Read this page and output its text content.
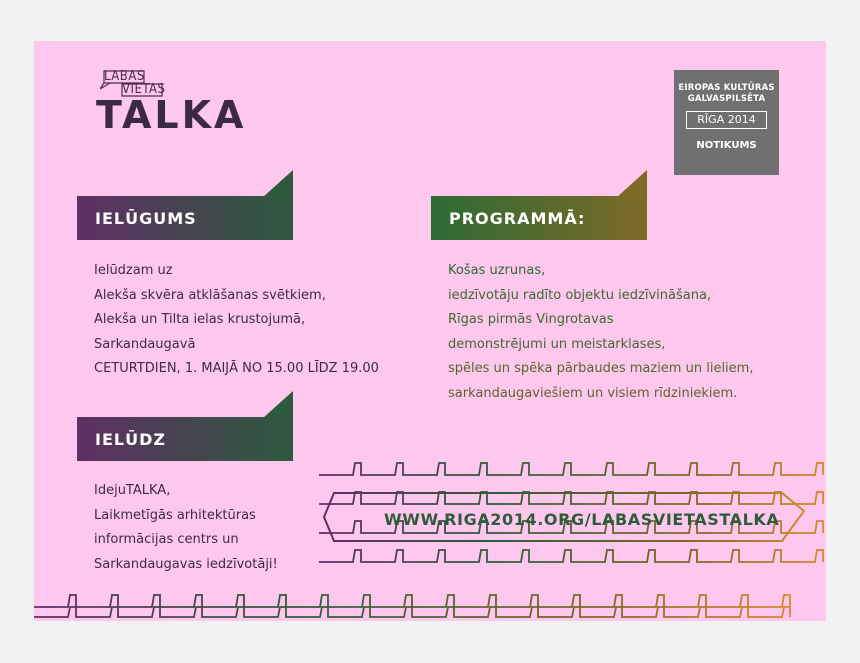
LABAS
VIETAS
TALKA
EIROPAS KULTŪRAS
GALVASPILSĒTA
RĪGA 2014
NOTIKUMS
IELŪGUMS
Ielūdzam uz
Alekša skvēra atklāšanas svētkiem,
Alekša un Tilta ielas krustojumā,
Sarkandaugavā
CETURTDIEN, 1. MAIJĀ NO 15.00 LĪDZ 19.00
PROGRAMMĀ:
Košas uzrunas,
iedzīvotāju radīto objektu iedzīvināšana,
Rīgas pirmās Vingrotavas
demonstrējumi un meistarklases,
spēles un spēka pārbaudes maziem un lieliem,
sarkandaugaviešiem un visiem rīdziniekiem.
IELŪDZ
IdejuTALKA,
Laikmetīgās arhitektūras
informācijas centrs un
Sarkandaugavas iedzīvotāji!
WWW.RIGA2014.ORG/LABASVIETASTALKA
